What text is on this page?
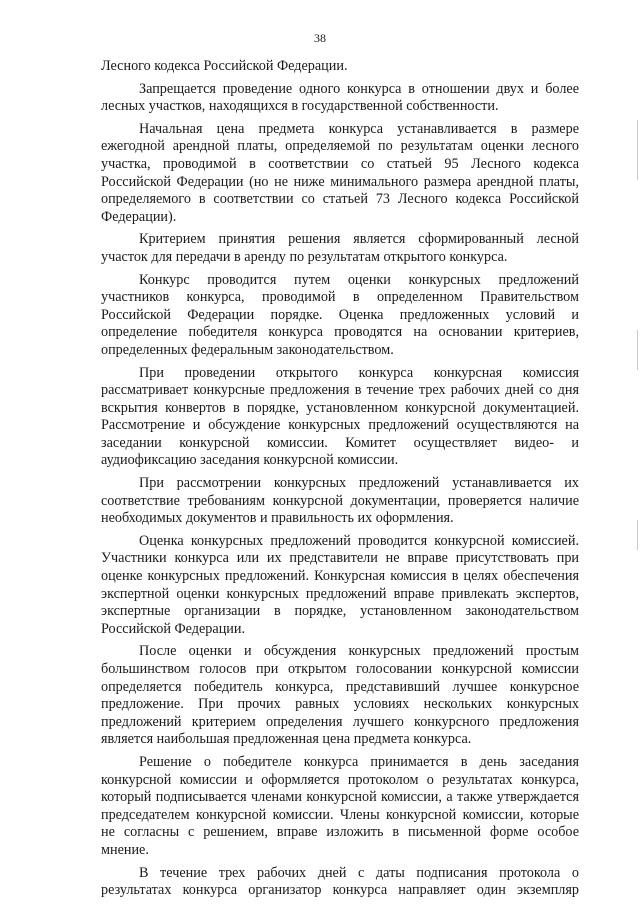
38

Лесного кодекса Российской Федерации.

Запрещается проведение одного конкурса в отношении двух и более лесных участков, находящихся в государственной собственности.

Начальная цена предмета конкурса устанавливается в размере ежегодной арендной платы, определяемой по результатам оценки лесного участка, проводимой в соответствии со статьей 95 Лесного кодекса Российской Федерации (но не ниже минимального размера арендной платы, определяемого в соответствии со статьей 73 Лесного кодекса Российской Федерации).

Критерием принятия решения является сформированный лесной участок для передачи в аренду по результатам открытого конкурса.

Конкурс проводится путем оценки конкурсных предложений участников конкурса, проводимой в определенном Правительством Российской Федерации порядке. Оценка предложенных условий и определение победителя конкурса проводятся на основании критериев, определенных федеральным законодательством.

При проведении открытого конкурса конкурсная комиссия рассматривает конкурсные предложения в течение трех рабочих дней со дня вскрытия конвертов в порядке, установленном конкурсной документацией. Рассмотрение и обсуждение конкурсных предложений осуществляются на заседании конкурсной комиссии. Комитет осуществляет видео- и аудиофиксацию заседания конкурсной комиссии.

При рассмотрении конкурсных предложений устанавливается их соответствие требованиям конкурсной документации, проверяется наличие необходимых документов и правильность их оформления.

Оценка конкурсных предложений проводится конкурсной комиссией. Участники конкурса или их представители не вправе присутствовать при оценке конкурсных предложений. Конкурсная комиссия в целях обеспечения экспертной оценки конкурсных предложений вправе привлекать экспертов, экспертные организации в порядке, установленном законодательством Российской Федерации.

После оценки и обсуждения конкурсных предложений простым большинством голосов при открытом голосовании конкурсной комиссии определяется победитель конкурса, представивший лучшее конкурсное предложение. При прочих равных условиях нескольких конкурсных предложений критерием определения лучшего конкурсного предложения является наибольшая предложенная цена предмета конкурса.

Решение о победителе конкурса принимается в день заседания конкурсной комиссии и оформляется протоколом о результатах конкурса, который подписывается членами конкурсной комиссии, а также утверждается председателем конкурсной комиссии. Члены конкурсной комиссии, которые не согласны с решением, вправе изложить в письменной форме особое мнение.

В течение трех рабочих дней с даты подписания протокола о результатах конкурса организатор конкурса направляет один экземпляр
